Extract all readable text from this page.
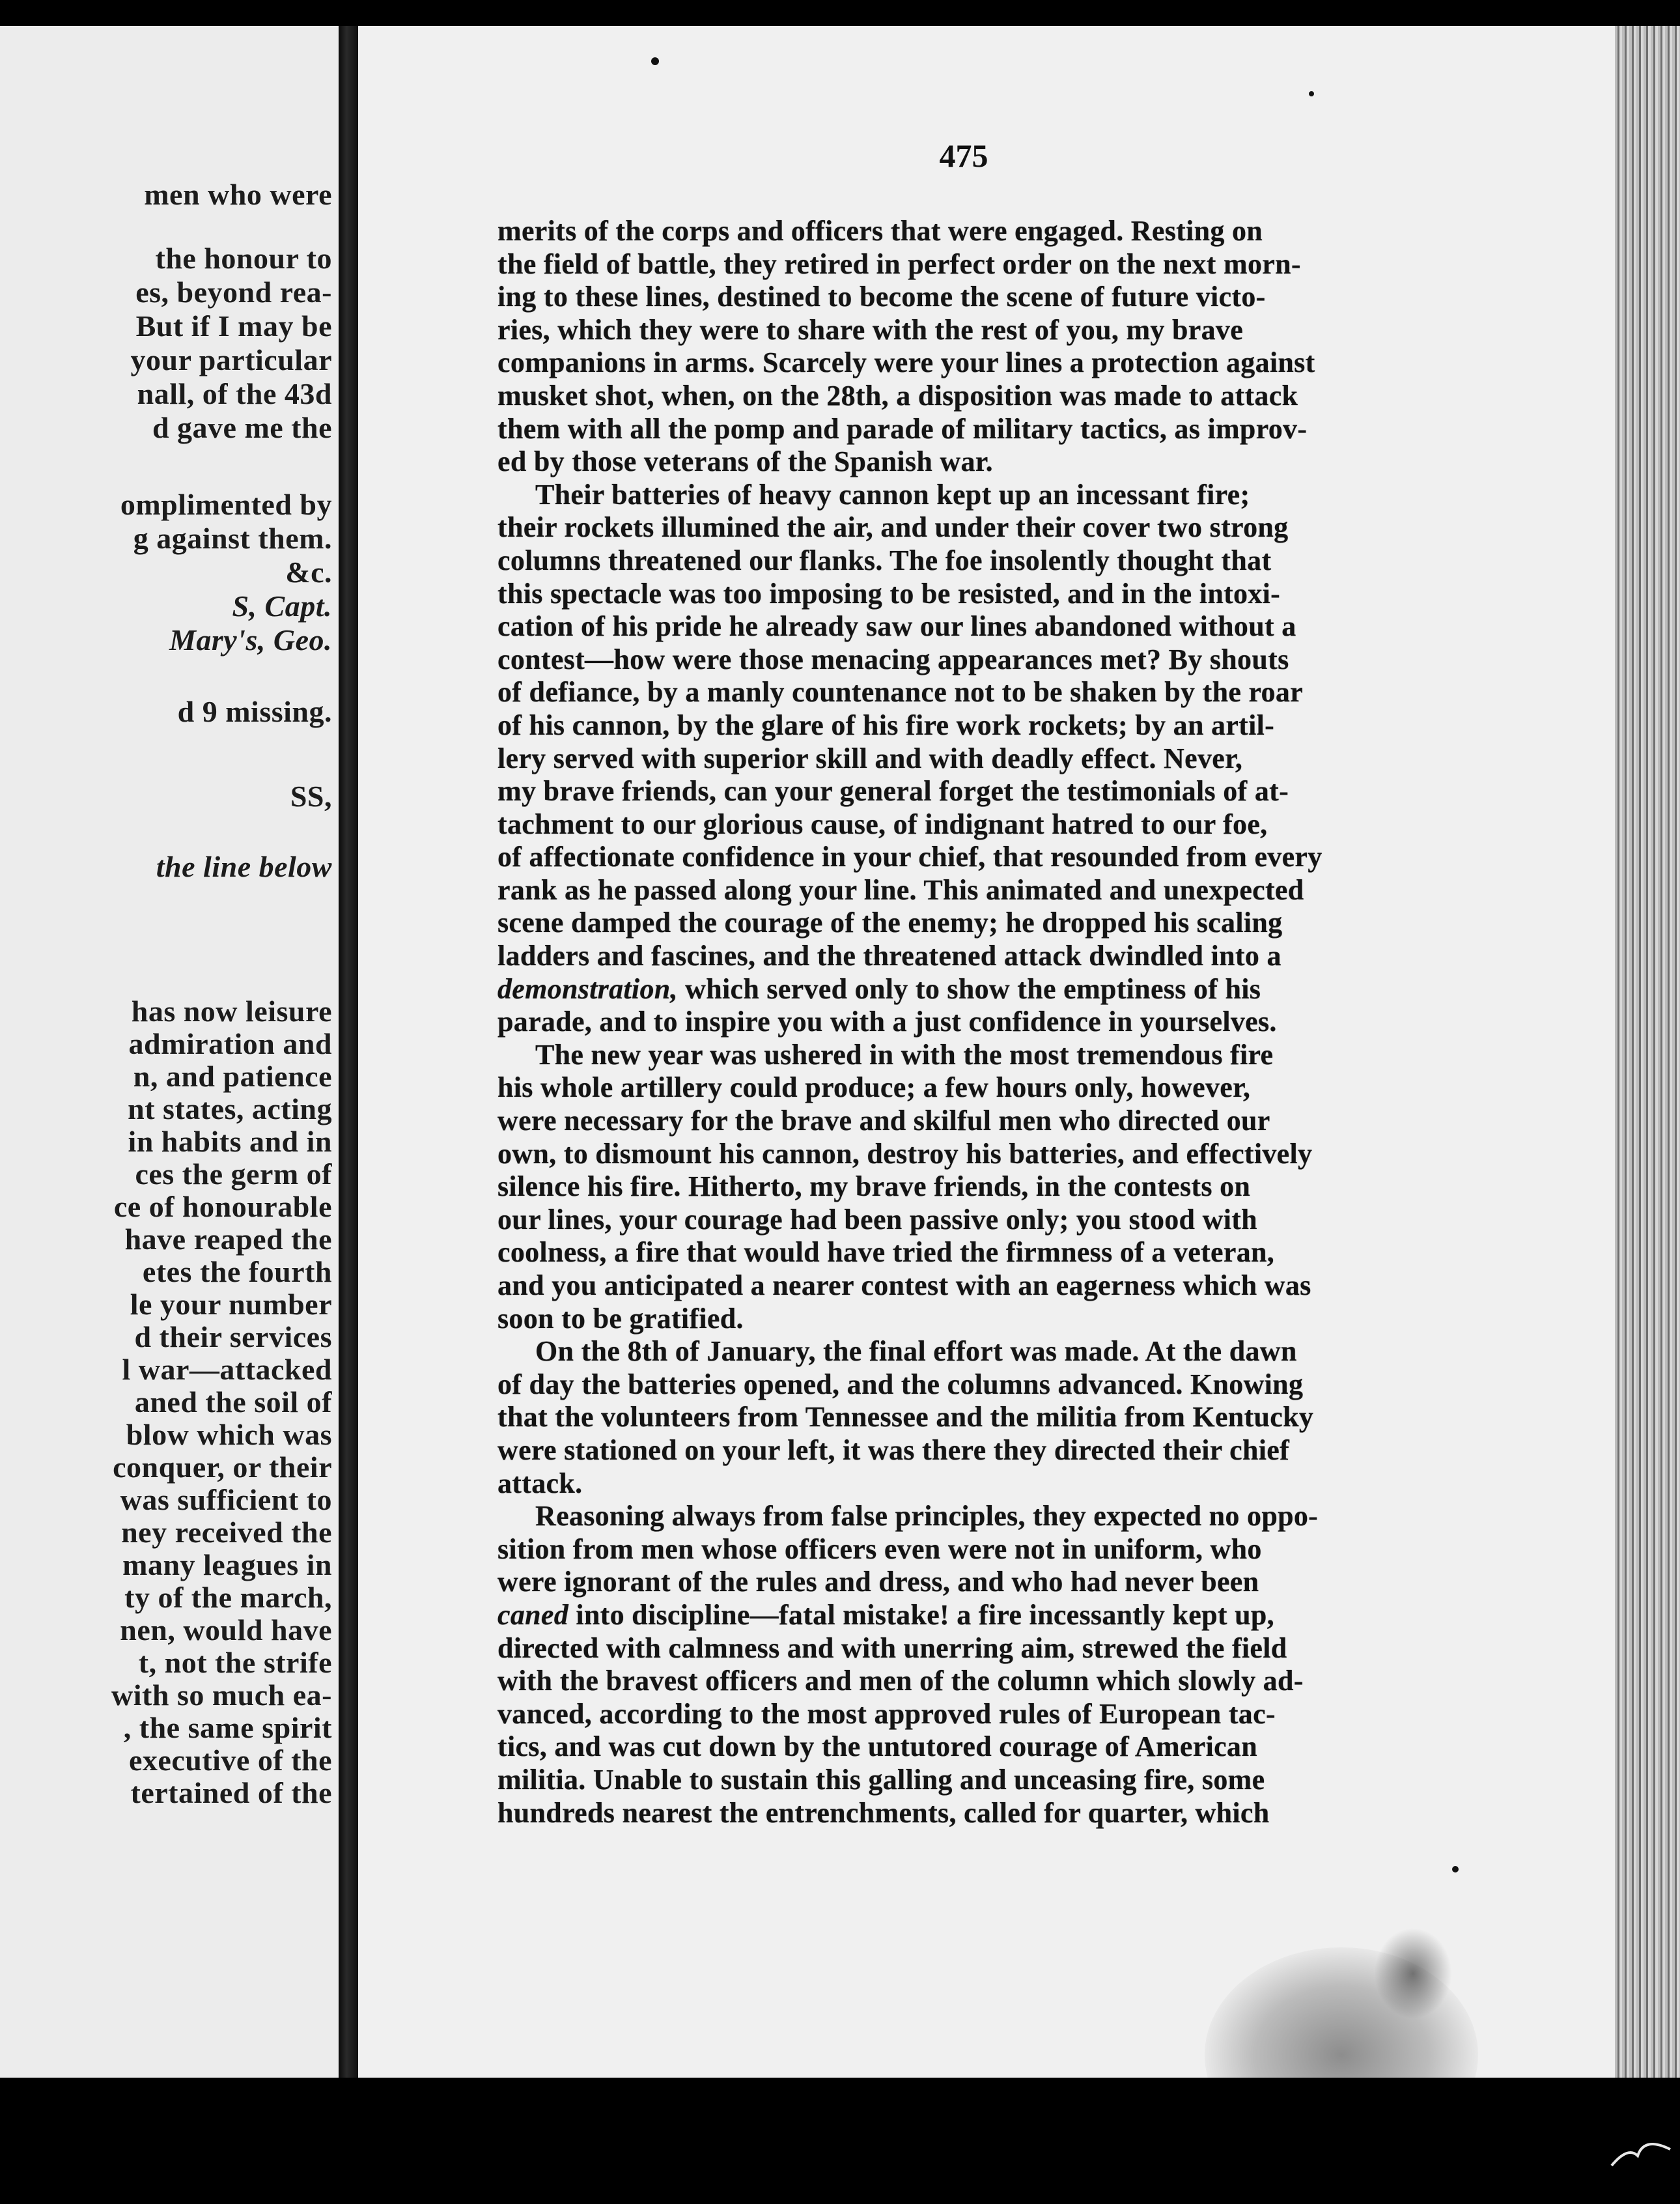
men who were
the honour to
es, beyond rea-
But if I may be
your particular
nall, of the 43d
d gave me the
omplimented by
g against them.
&c.
S, Capt.
Mary's, Geo.
d 9 missing.
SS,
the line below
has now leisure
admiration and
n, and patience
nt states, acting
in habits and in
ces the germ of
ce of honourable
have reaped the
etes the fourth
le your number
d their services
l war—attacked
aned the soil of
blow which was
conquer, or their
was sufficient to
ney received the
many leagues in
ty of the march,
nen, would have
t, not the strife
with so much ea-
, the same spirit
executive of the
tertained of the
475
merits of the corps and officers that were engaged. Resting on
the field of battle, they retired in perfect order on the next morn-
ing to these lines, destined to become the scene of future victo-
ries, which they were to share with the rest of you, my brave
companions in arms. Scarcely were your lines a protection against
musket shot, when, on the 28th, a disposition was made to attack
them with all the pomp and parade of military tactics, as improv-
ed by those veterans of the Spanish war.
Their batteries of heavy cannon kept up an incessant fire;
their rockets illumined the air, and under their cover two strong
columns threatened our flanks. The foe insolently thought that
this spectacle was too imposing to be resisted, and in the intoxi-
cation of his pride he already saw our lines abandoned without a
contest—how were those menacing appearances met? By shouts
of defiance, by a manly countenance not to be shaken by the roar
of his cannon, by the glare of his fire work rockets; by an artil-
lery served with superior skill and with deadly effect. Never,
my brave friends, can your general forget the testimonials of at-
tachment to our glorious cause, of indignant hatred to our foe,
of affectionate confidence in your chief, that resounded from every
rank as he passed along your line. This animated and unexpected
scene damped the courage of the enemy; he dropped his scaling
ladders and fascines, and the threatened attack dwindled into a
demonstration, which served only to show the emptiness of his
parade, and to inspire you with a just confidence in yourselves.
The new year was ushered in with the most tremendous fire
his whole artillery could produce; a few hours only, however,
were necessary for the brave and skilful men who directed our
own, to dismount his cannon, destroy his batteries, and effectively
silence his fire. Hitherto, my brave friends, in the contests on
our lines, your courage had been passive only; you stood with
coolness, a fire that would have tried the firmness of a veteran,
and you anticipated a nearer contest with an eagerness which was
soon to be gratified.
On the 8th of January, the final effort was made. At the dawn
of day the batteries opened, and the columns advanced. Knowing
that the volunteers from Tennessee and the militia from Kentucky
were stationed on your left, it was there they directed their chief
attack.
Reasoning always from false principles, they expected no oppo-
sition from men whose officers even were not in uniform, who
were ignorant of the rules and dress, and who had never been
caned into discipline—fatal mistake! a fire incessantly kept up,
directed with calmness and with unerring aim, strewed the field
with the bravest officers and men of the column which slowly ad-
vanced, according to the most approved rules of European tac-
tics, and was cut down by the untutored courage of American
militia. Unable to sustain this galling and unceasing fire, some
hundreds nearest the entrenchments, called for quarter, which
